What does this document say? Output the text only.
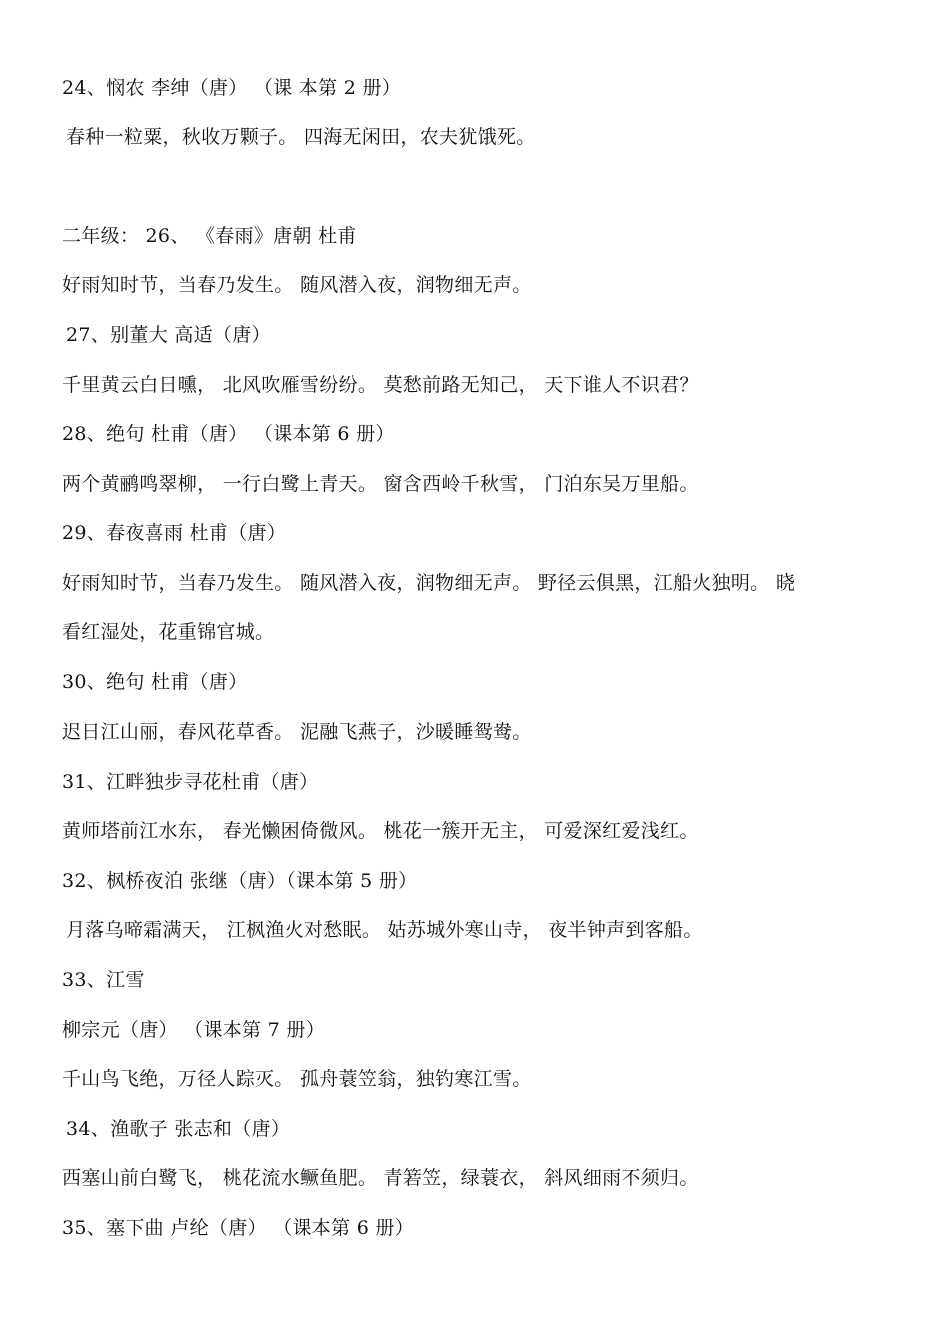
24、悯农 李绅（唐） （课 本第 2 册）
春种一粒粟，秋收万颗子。 四海无闲田，农夫犹饿死。
二年级： 26、 《春雨》唐朝 杜甫
好雨知时节，当春乃发生。 随风潜入夜，润物细无声。
27、别董大 高适（唐）
千里黄云白日曛， 北风吹雁雪纷纷。 莫愁前路无知己， 天下谁人不识君？
28、绝句 杜甫（唐） （课本第 6 册）
两个黄鹂鸣翠柳， 一行白鹭上青天。 窗含西岭千秋雪， 门泊东吴万里船。
29、春夜喜雨 杜甫（唐）
好雨知时节，当春乃发生。 随风潜入夜，润物细无声。 野径云俱黑，江船火独明。 晓
看红湿处，花重锦官城。
30、绝句 杜甫（唐）
迟日江山丽，春风花草香。 泥融飞燕子，沙暖睡鸳鸯。
31、江畔独步寻花杜甫（唐）
黄师塔前江水东， 春光懒困倚微风。 桃花一簇开无主， 可爱深红爱浅红。
32、枫桥夜泊 张继（唐）（课本第 5 册）
月落乌啼霜满天， 江枫渔火对愁眠。 姑苏城外寒山寺， 夜半钟声到客船。
33、江雪
柳宗元（唐） （课本第 7 册）
千山鸟飞绝，万径人踪灭。 孤舟蓑笠翁，独钓寒江雪。
34、渔歌子 张志和（唐）
西塞山前白鹭飞， 桃花流水鳜鱼肥。 青箬笠，绿蓑衣， 斜风细雨不须归。
35、塞下曲 卢纶（唐） （课本第 6 册）
